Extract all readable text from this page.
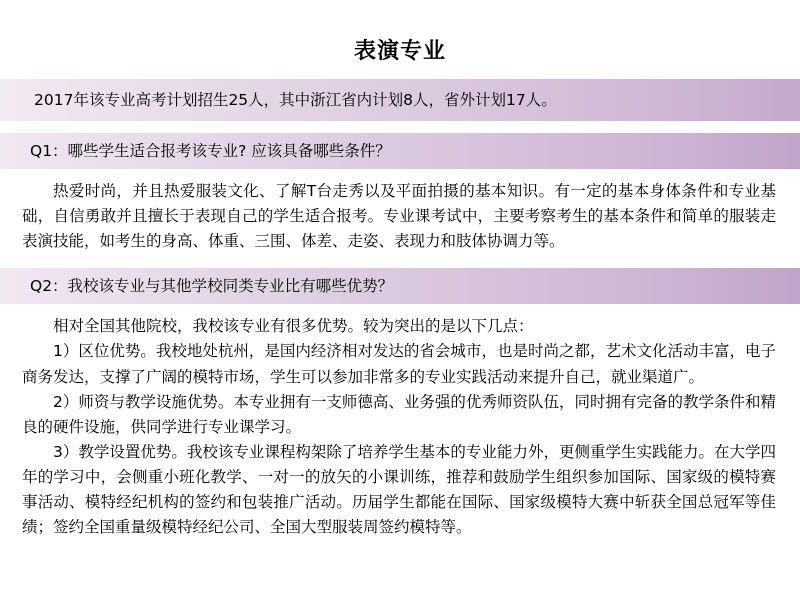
表演专业
2017年该专业高考计划招生25人，其中浙江省内计划8人，省外计划17人。
Q1：哪些学生适合报考该专业? 应该具备哪些条件？

热爱时尚，并且热爱服装文化、了解T台走秀以及平面拍摄的基本知识。有一定的基本身体条件和专业基础，自信勇敢并且擅长于表现自己的学生适合报考。专业课考试中，主要考察考生的基本条件和简单的服装走表演技能，如考生的身高、体重、三围、体差、走姿、表现力和肢体协调力等。

Q2：我校该专业与其他学校同类专业比有哪些优势？

相对全国其他院校，我校该专业有很多优势。较为突出的是以下几点：

1）区位优势。我校地处杭州，是国内经济相对发达的省会城市，也是时尚之都，艺术文化活动丰富，电子商务发达，支撑了广阔的模特市场，学生可以参加非常多的专业实践活动来提升自己，就业渠道广。

2）师资与教学设施优势。本专业拥有一支师德高、业务强的优秀师资队伍，同时拥有完备的教学条件和精良的硬件设施，供同学进行专业课学习。

3）教学设置优势。我校该专业课程构架除了培养学生基本的专业能力外，更侧重学生实践能力。在大学四年的学习中，会侧重小班化教学、一对一的放矢的小课训练，推荐和鼓励学生组织参加国际、国家级的模特赛事活动、模特经纪机构的签约和包装推广活动。历届学生都能在国际、国家级模特大赛中斩获全国总冠军等佳绩；签约全国重量级模特经纪公司、全国大型服装周签约模特等。
